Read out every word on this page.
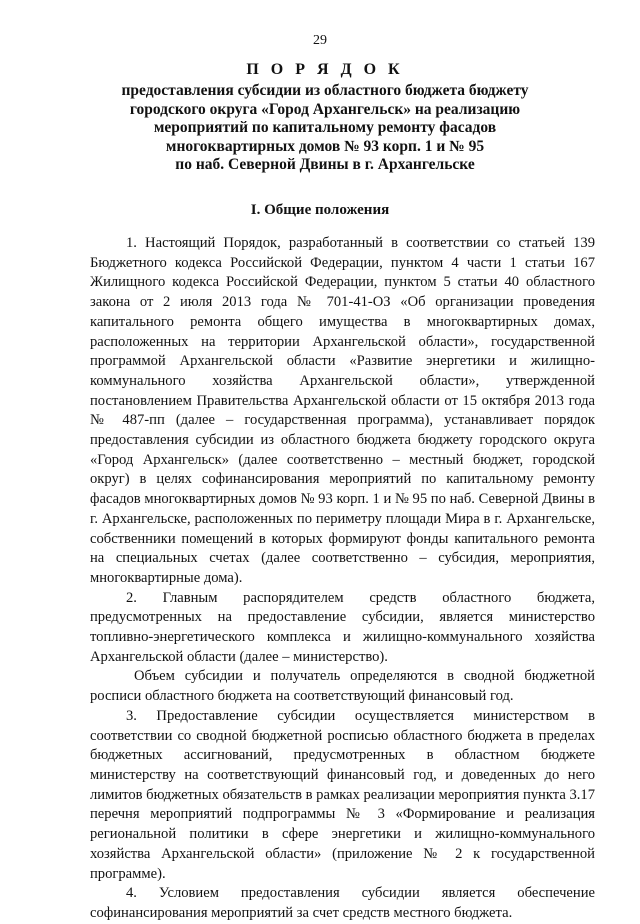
29
П О Р Я Д О К
предоставления субсидии из областного бюджета бюджету
городского округа «Город Архангельск» на реализацию
мероприятий по капитальному ремонту фасадов
многоквартирных домов № 93 корп. 1 и № 95
по наб. Северной Двины в г. Архангельске
I. Общие положения

1. Настоящий Порядок, разработанный в соответствии со статьей 139 Бюджетного кодекса Российской Федерации, пунктом 4 части 1 статьи 167 Жилищного кодекса Российской Федерации, пунктом 5 статьи 40 областного закона от 2 июля 2013 года № 701-41-ОЗ «Об организации проведения капитального ремонта общего имущества в многоквартирных домах, расположенных на территории Архангельской области», государственной программой Архангельской области «Развитие энергетики и жилищно-коммунального хозяйства Архангельской области», утвержденной постановлением Правительства Архангельской области от 15 октября 2013 года № 487-пп (далее – государственная программа), устанавливает порядок предоставления субсидии из областного бюджета бюджету городского округа «Город Архангельск» (далее соответственно – местный бюджет, городской округ) в целях софинансирования мероприятий по капитальному ремонту фасадов многоквартирных домов № 93 корп. 1 и № 95 по наб. Северной Двины в г. Архангельске, расположенных по периметру площади Мира в г. Архангельске, собственники помещений в которых формируют фонды капитального ремонта на специальных счетах (далее соответственно – субсидия, мероприятия, многоквартирные дома).

2. Главным распорядителем средств областного бюджета, предусмотренных на предоставление субсидии, является министерство топливно-энергетического комплекса и жилищно-коммунального хозяйства Архангельской области (далее – министерство).

Объем субсидии и получатель определяются в сводной бюджетной росписи областного бюджета на соответствующий финансовый год.

3. Предоставление субсидии осуществляется министерством в соответствии со сводной бюджетной росписью областного бюджета в пределах бюджетных ассигнований, предусмотренных в областном бюджете министерству на соответствующий финансовый год, и доведенных до него лимитов бюджетных обязательств в рамках реализации мероприятия пункта 3.17 перечня мероприятий подпрограммы № 3 «Формирование и реализация региональной политики в сфере энергетики и жилищно-коммунального хозяйства Архангельской области» (приложение № 2 к государственной программе).

4. Условием предоставления субсидии является обеспечение софинансирования мероприятий за счет средств местного бюджета.
